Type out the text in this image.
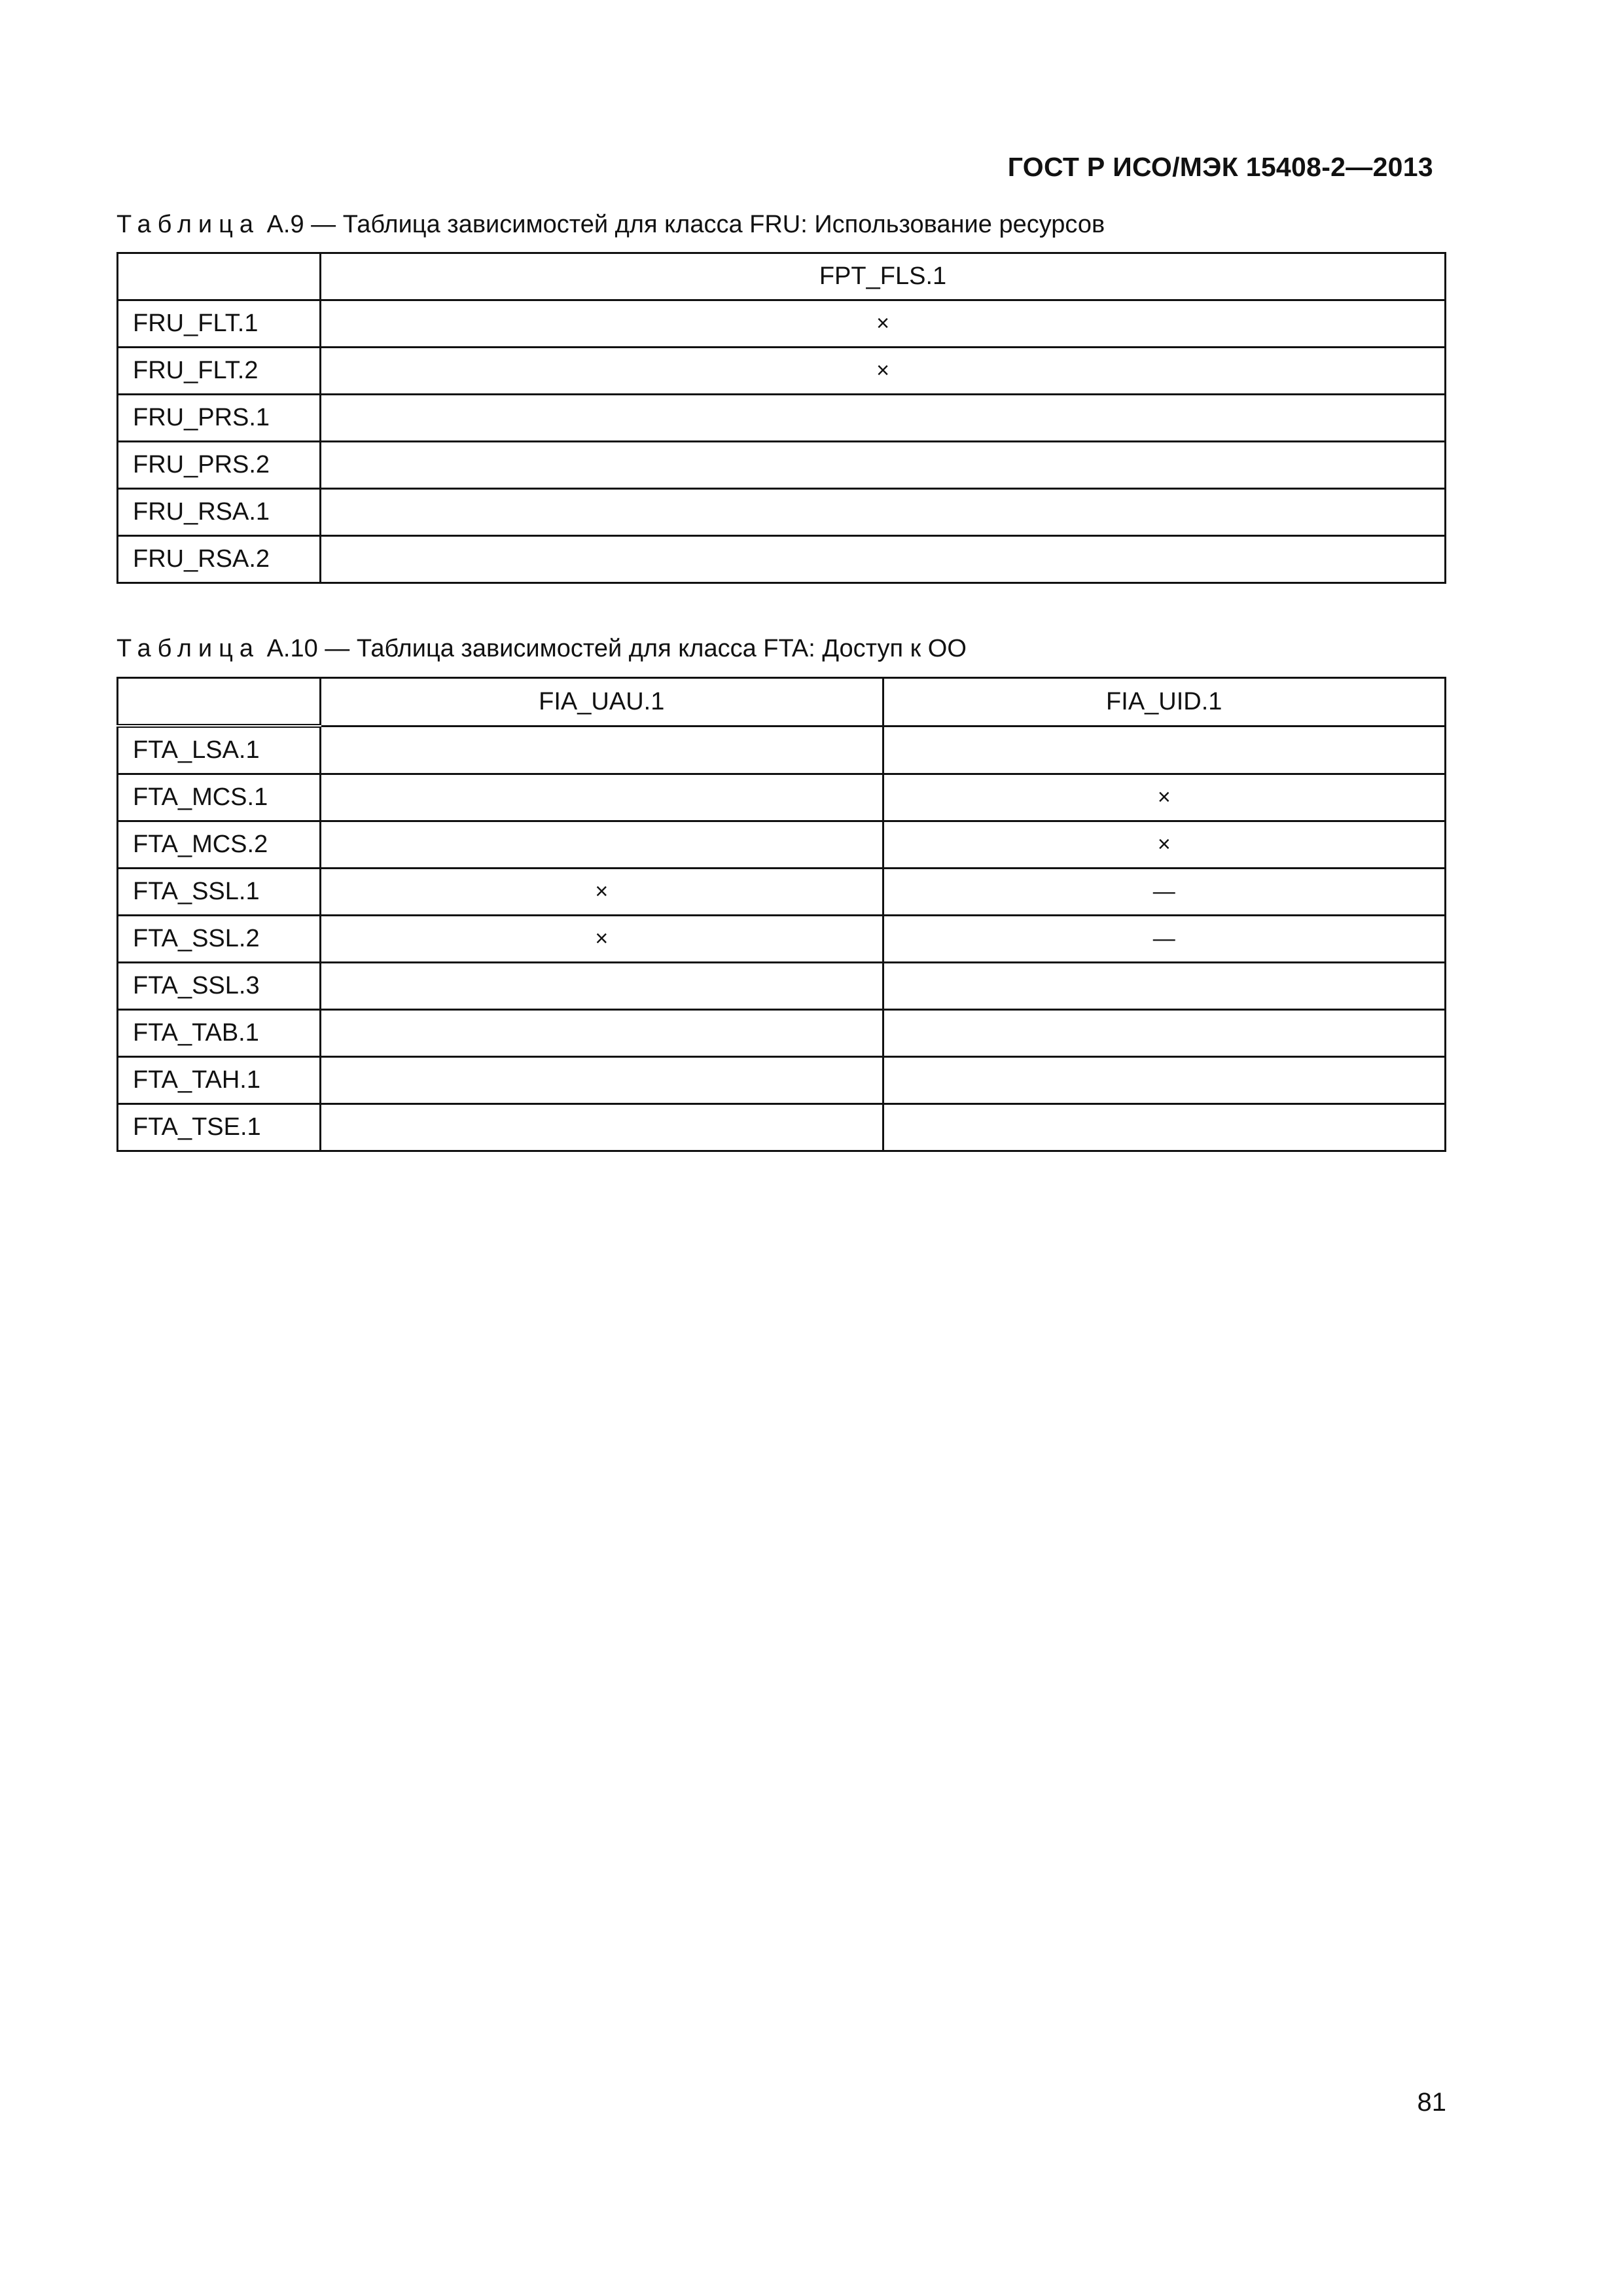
ГОСТ Р ИСО/МЭК 15408-2—2013
Таблица А.9 — Таблица зависимостей для класса FRU: Использование ресурсов
	FPT_FLS.1
FRU_FLT.1	×
FRU_FLT.2	×
FRU_PRS.1	
FRU_PRS.2	
FRU_RSA.1	
FRU_RSA.2	
Таблица А.10 — Таблица зависимостей для класса FTA: Доступ к ОО
	FIA_UAU.1	FIA_UID.1
FTA_LSA.1		
FTA_MCS.1		×
FTA_MCS.2		×
FTA_SSL.1	×	—
FTA_SSL.2	×	—
FTA_SSL.3		
FTA_TAB.1		
FTA_TAH.1		
FTA_TSE.1		
81
